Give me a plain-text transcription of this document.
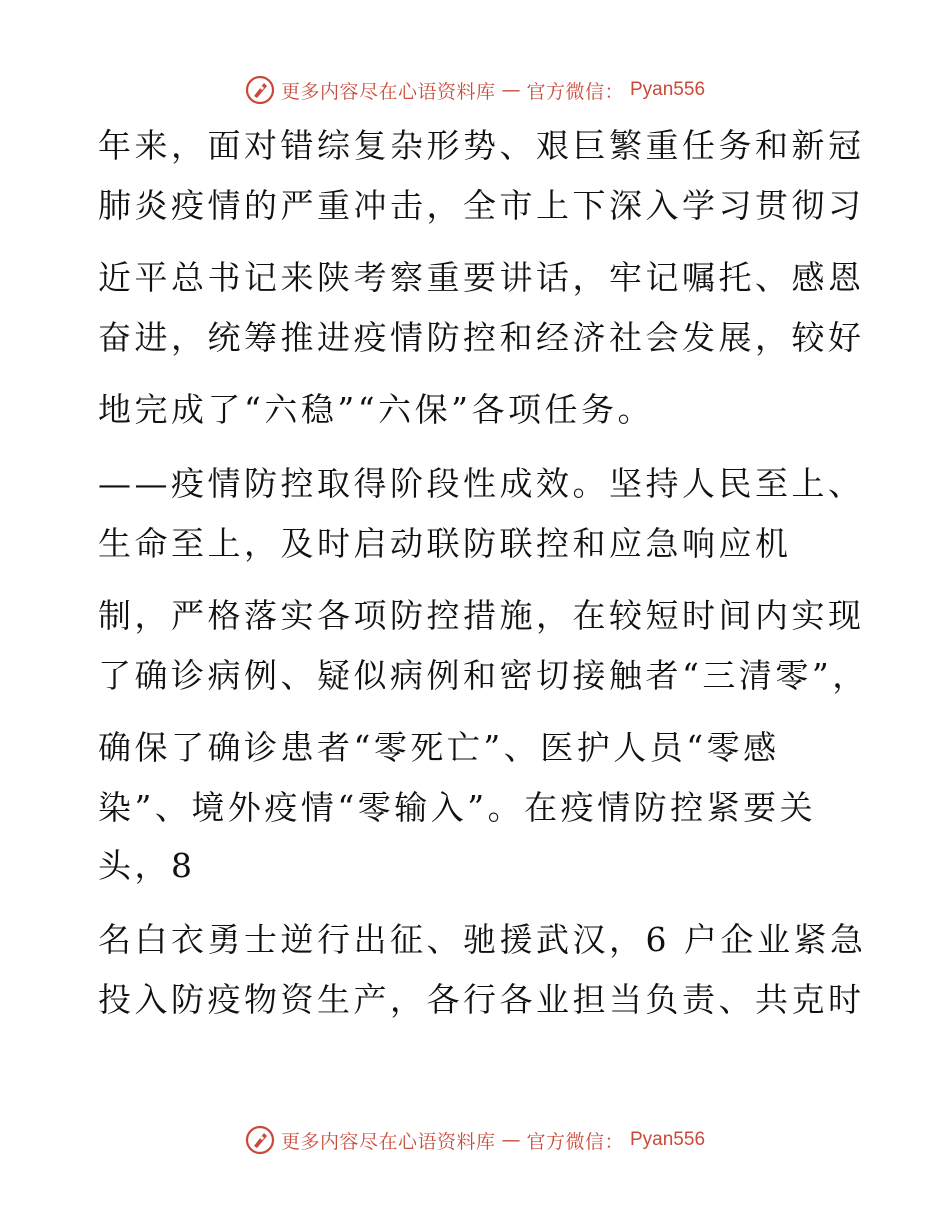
更多内容尽在心语资料库 — 官方微信： Pyan556
年来，面对错综复杂形势、艰巨繁重任务和新冠
肺炎疫情的严重冲击，全市上下深入学习贯彻习
近平总书记来陕考察重要讲话，牢记嘱托、感恩
奋进，统筹推进疫情防控和经济社会发展，较好
地完成了“六稳”“六保”各项任务。
——疫情防控取得阶段性成效。坚持人民至上、
生命至上，及时启动联防联控和应急响应机
制，严格落实各项防控措施，在较短时间内实现
了确诊病例、疑似病例和密切接触者“三清零”，
确保了确诊患者“零死亡”、医护人员“零感
染”、境外疫情“零输入”。在疫情防控紧要关
头，8
名白衣勇士逆行出征、驰援武汉，6 户企业紧急
投入防疫物资生产，各行各业担当负责、共克时
更多内容尽在心语资料库 — 官方微信： Pyan556
